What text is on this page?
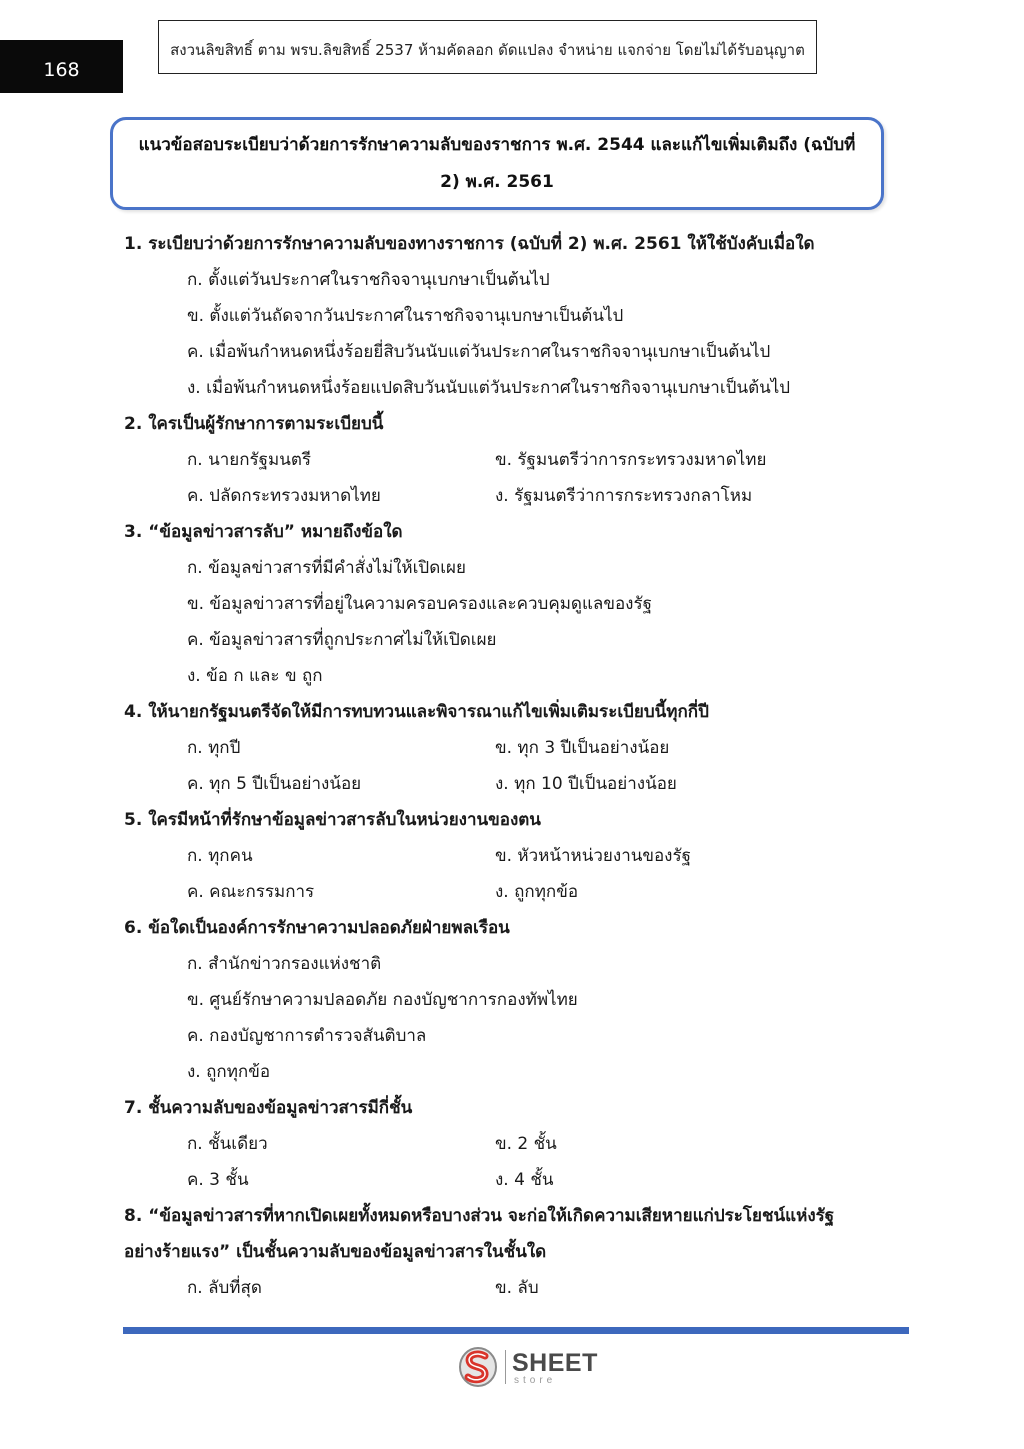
168
สงวนลิขสิทธิ์ ตาม พรบ.ลิขสิทธิ์ 2537 ห้ามคัดลอก ดัดแปลง จำหน่าย แจกจ่าย โดยไม่ได้รับอนุญาต
แนวข้อสอบระเบียบว่าด้วยการรักษาความลับของราชการ พ.ศ. 2544 และแก้ไขเพิ่มเติมถึง (ฉบับที่
2) พ.ศ. 2561
1. ระเบียบว่าด้วยการรักษาความลับของทางราชการ (ฉบับที่ 2) พ.ศ. 2561 ให้ใช้บังคับเมื่อใด
ก. ตั้งแต่วันประกาศในราชกิจจานุเบกษาเป็นต้นไป
ข. ตั้งแต่วันถัดจากวันประกาศในราชกิจจานุเบกษาเป็นต้นไป
ค. เมื่อพ้นกำหนดหนึ่งร้อยยี่สิบวันนับแต่วันประกาศในราชกิจจานุเบกษาเป็นต้นไป
ง. เมื่อพ้นกำหนดหนึ่งร้อยแปดสิบวันนับแต่วันประกาศในราชกิจจานุเบกษาเป็นต้นไป
2. ใครเป็นผู้รักษาการตามระเบียบนี้
ก. นายกรัฐมนตรี	ข. รัฐมนตรีว่าการกระทรวงมหาดไทย
ค. ปลัดกระทรวงมหาดไทย	ง. รัฐมนตรีว่าการกระทรวงกลาโหม
3. “ข้อมูลข่าวสารลับ” หมายถึงข้อใด
ก. ข้อมูลข่าวสารที่มีคำสั่งไม่ให้เปิดเผย
ข. ข้อมูลข่าวสารที่อยู่ในความครอบครองและควบคุมดูแลของรัฐ
ค. ข้อมูลข่าวสารที่ถูกประกาศไม่ให้เปิดเผย
ง. ข้อ ก และ ข ถูก
4. ให้นายกรัฐมนตรีจัดให้มีการทบทวนและพิจารณาแก้ไขเพิ่มเติมระเบียบนี้ทุกกี่ปี
ก. ทุกปี	ข. ทุก 3 ปีเป็นอย่างน้อย
ค. ทุก 5 ปีเป็นอย่างน้อย	ง. ทุก 10 ปีเป็นอย่างน้อย
5. ใครมีหน้าที่รักษาข้อมูลข่าวสารลับในหน่วยงานของตน
ก. ทุกคน	ข. หัวหน้าหน่วยงานของรัฐ
ค. คณะกรรมการ	ง. ถูกทุกข้อ
6. ข้อใดเป็นองค์การรักษาความปลอดภัยฝ่ายพลเรือน
ก. สำนักข่าวกรองแห่งชาติ
ข. ศูนย์รักษาความปลอดภัย กองบัญชาการกองทัพไทย
ค. กองบัญชาการตำรวจสันติบาล
ง. ถูกทุกข้อ
7. ชั้นความลับของข้อมูลข่าวสารมีกี่ชั้น
ก. ชั้นเดียว	ข. 2 ชั้น
ค. 3 ชั้น	ง. 4 ชั้น
8. “ข้อมูลข่าวสารที่หากเปิดเผยทั้งหมดหรือบางส่วน จะก่อให้เกิดความเสียหายแก่ประโยชน์แห่งรัฐ
อย่างร้ายแรง” เป็นชั้นความลับของข้อมูลข่าวสารในชั้นใด
ก. ลับที่สุด	ข. ลับ
SHEET
store
